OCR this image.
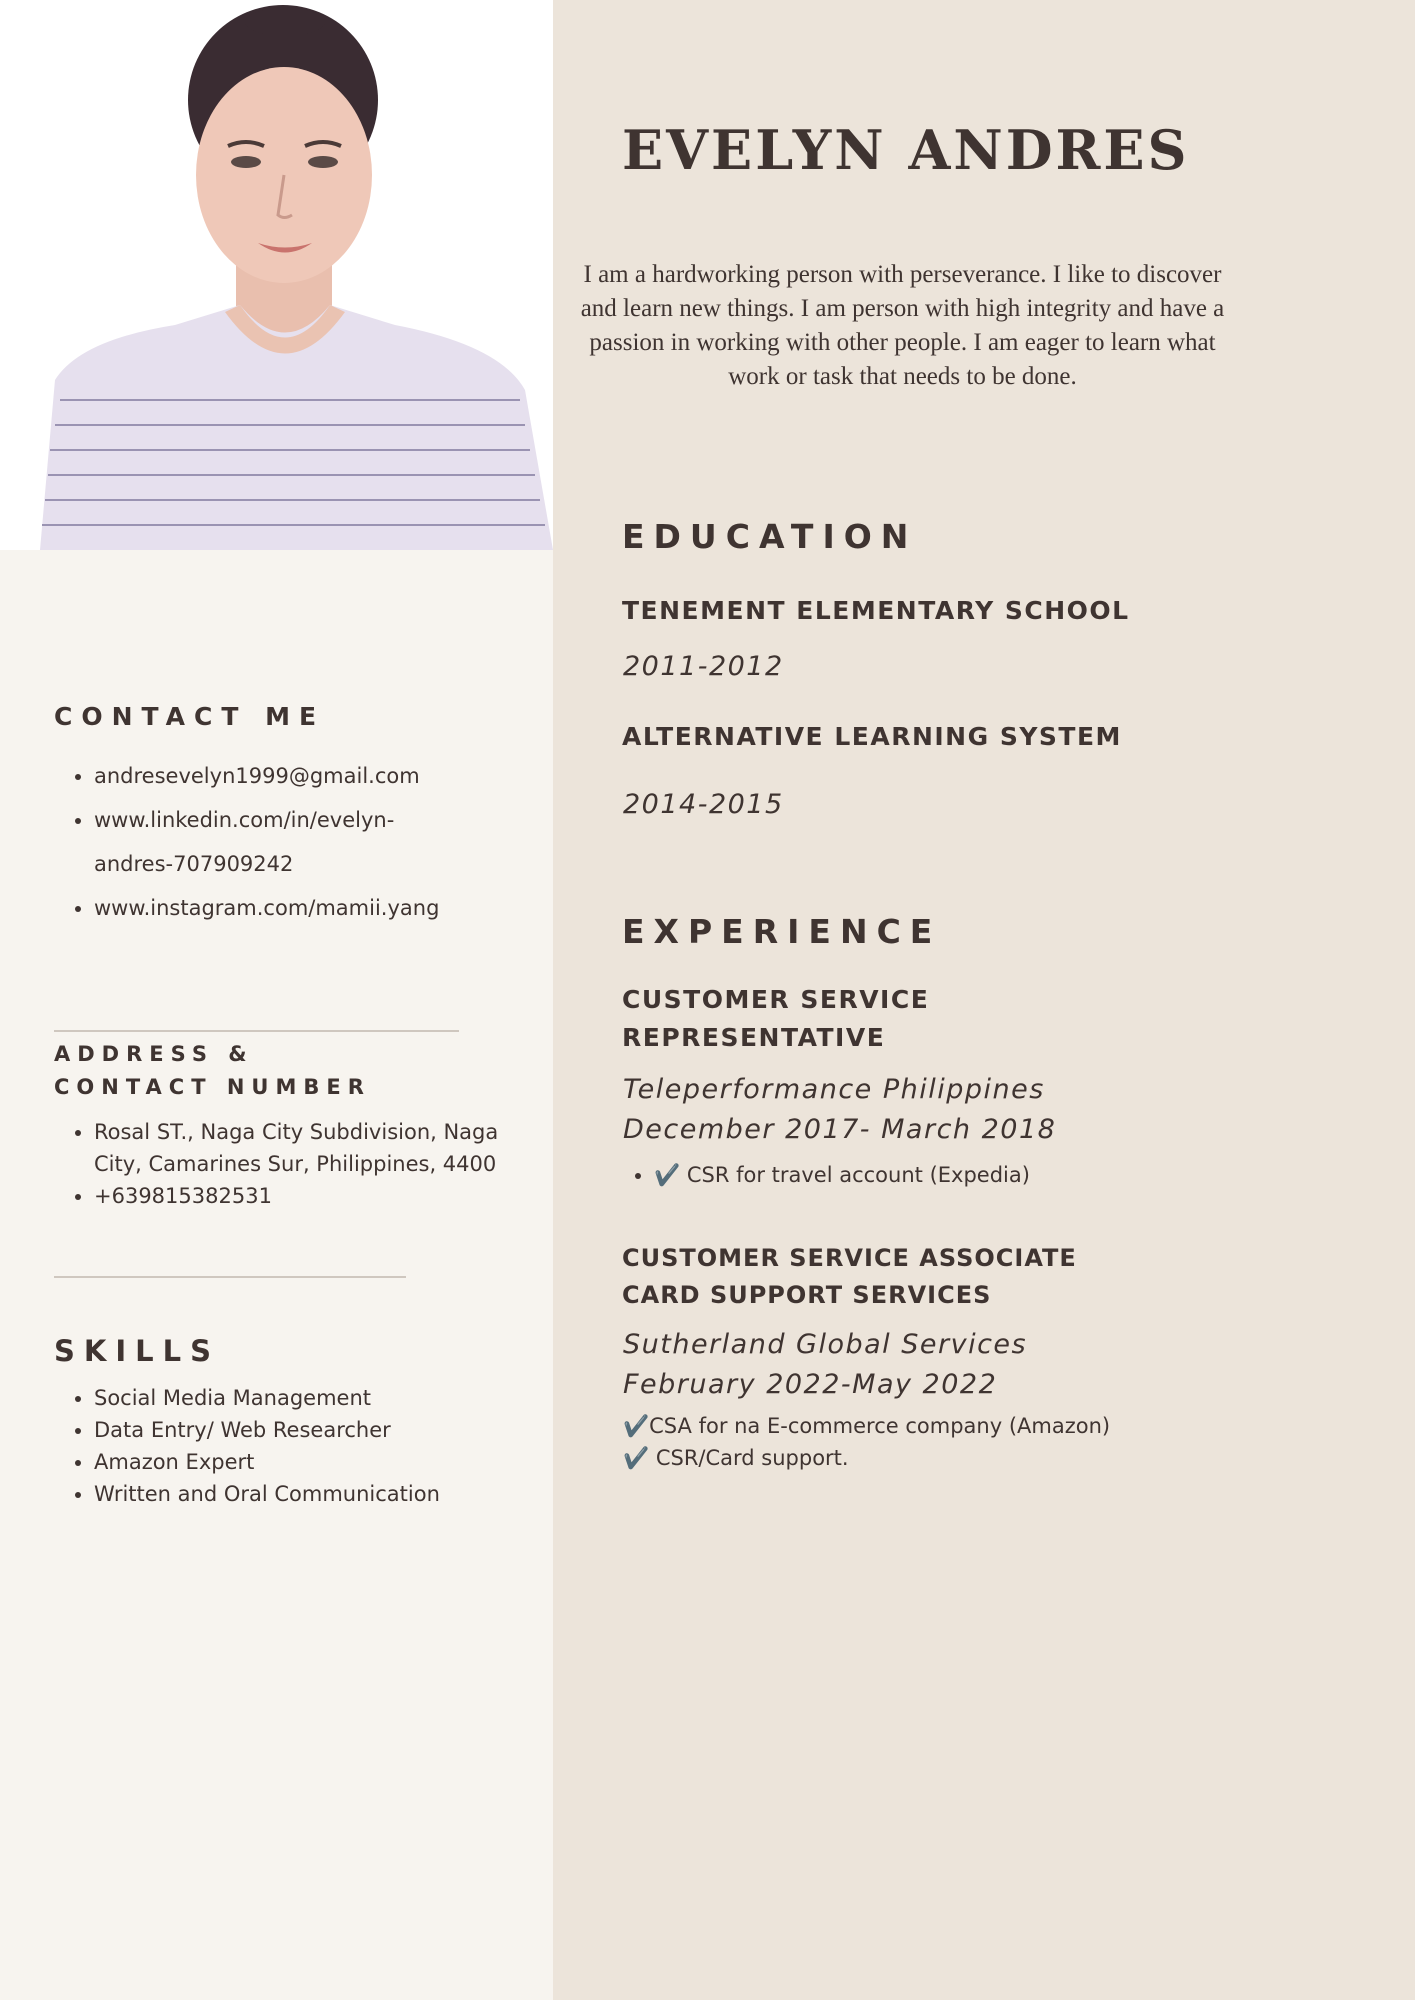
CONTACT ME
• andresevelyn1999@gmail.com
• www.linkedin.com/in/evelyn-
andres-707909242
• www.instagram.com/mamii.yang
ADDRESS &
CONTACT NUMBER
• Rosal ST., Naga City Subdivision, Naga City, Camarines Sur, Philippines, 4400
• +639815382531
SKILLS
• Social Media Management
• Data Entry/ Web Researcher
• Amazon Expert
• Written and Oral Communication
EVELYN ANDRES

I am a hardworking person with perseverance. I like to discover and learn new things. I am person with high integrity and have a passion in working with other people. I am eager to learn what work or task that needs to be done.

EDUCATION

TENEMENT ELEMENTARY SCHOOL

2011-2012

ALTERNATIVE LEARNING SYSTEM

2014-2015

EXPERIENCE

CUSTOMER SERVICE

REPRESENTATIVE

Teleperformance Philippines

December 2017- March 2018

• ✔️ CSR for travel account (Expedia)

CUSTOMER SERVICE ASSOCIATE

CARD SUPPORT SERVICES

Sutherland Global Services

February 2022-May 2022

✔️CSA for na E-commerce company (Amazon)

✔️ CSR/Card support.
